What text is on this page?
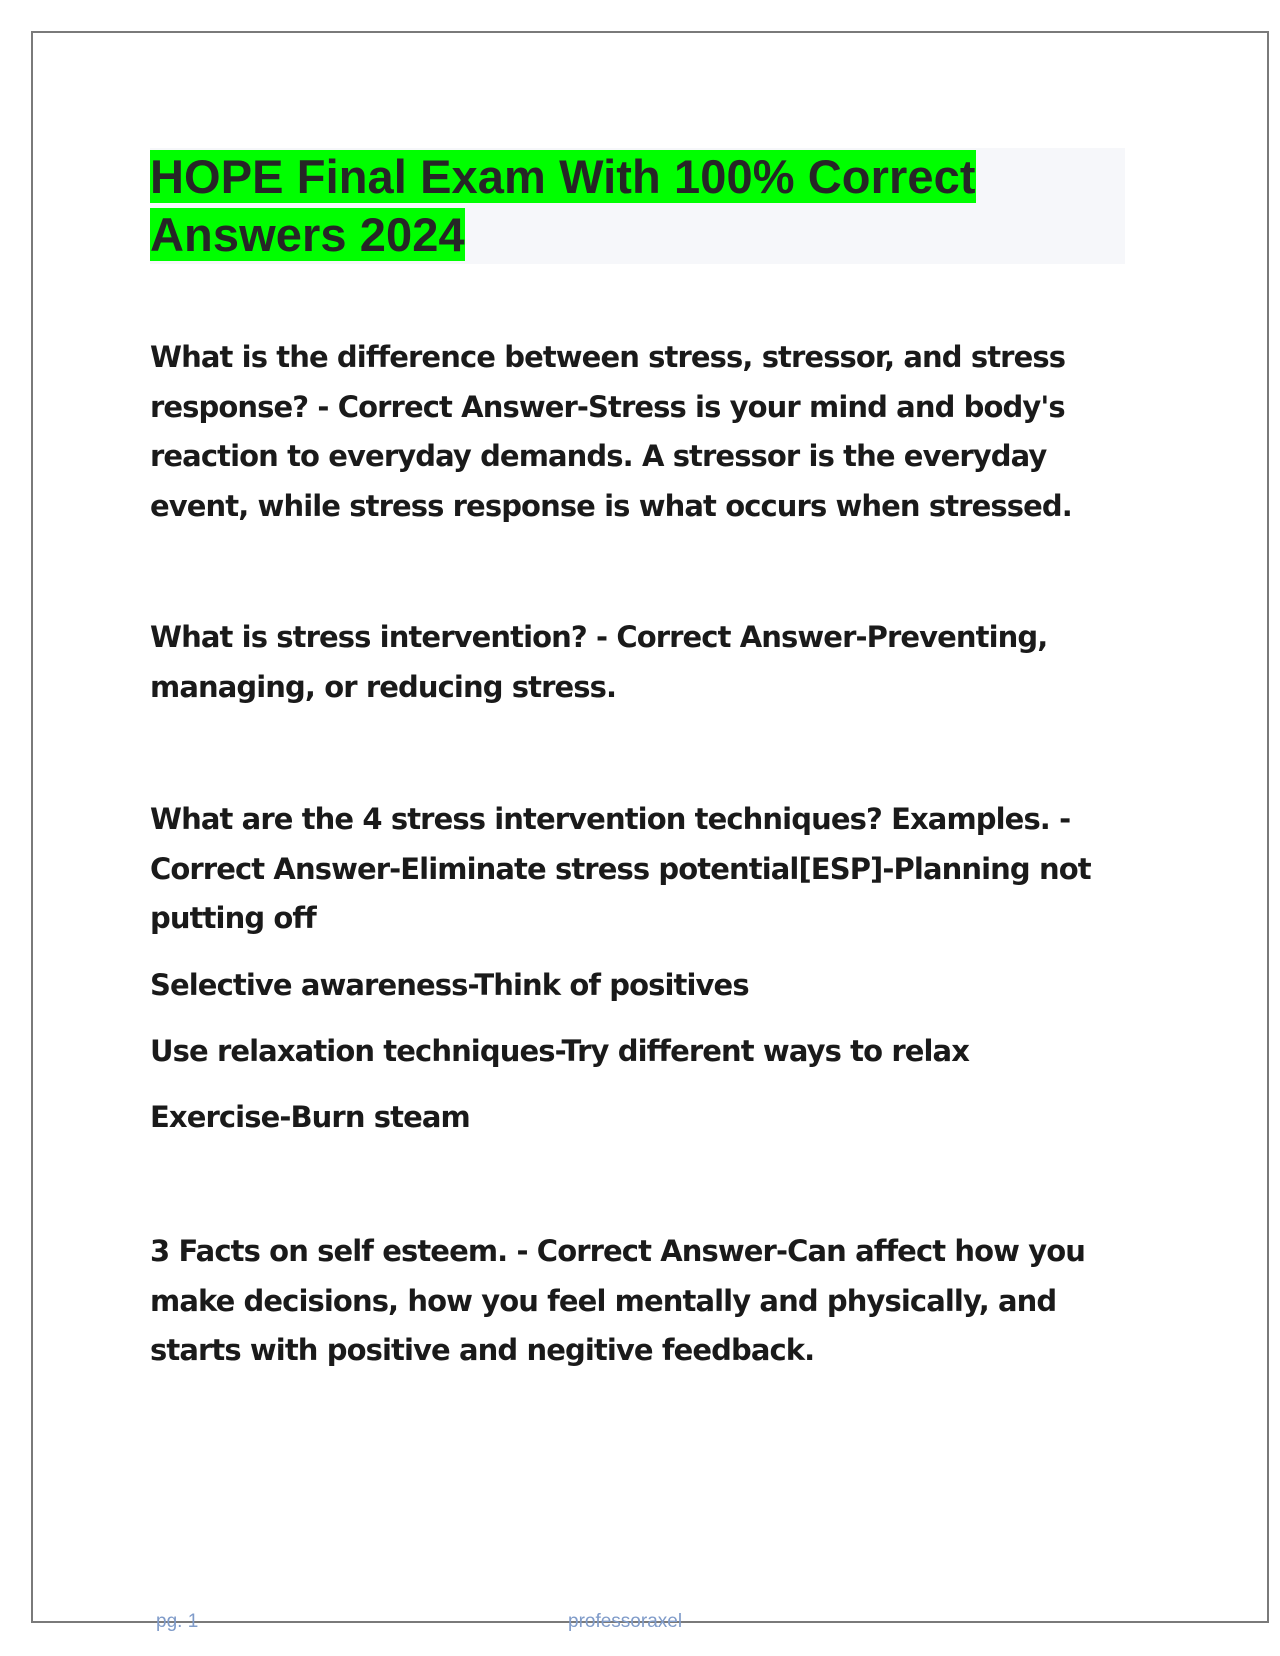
HOPE Final Exam With 100% Correct
Answers 2024

What is the difference between stress, stressor, and stress response? - Correct Answer-Stress is your mind and body's reaction to everyday demands. A stressor is the everyday event, while stress response is what occurs when stressed.

What is stress intervention? - Correct Answer-Preventing, managing, or reducing stress.

What are the 4 stress intervention techniques? Examples. - Correct Answer-Eliminate stress potential[ESP]-Planning not putting off

Selective awareness-Think of positives

Use relaxation techniques-Try different ways to relax

Exercise-Burn steam

3 Facts on self esteem. - Correct Answer-Can affect how you make decisions, how you feel mentally and physically, and starts with positive and negitive feedback.

pg. 1	professoraxel
